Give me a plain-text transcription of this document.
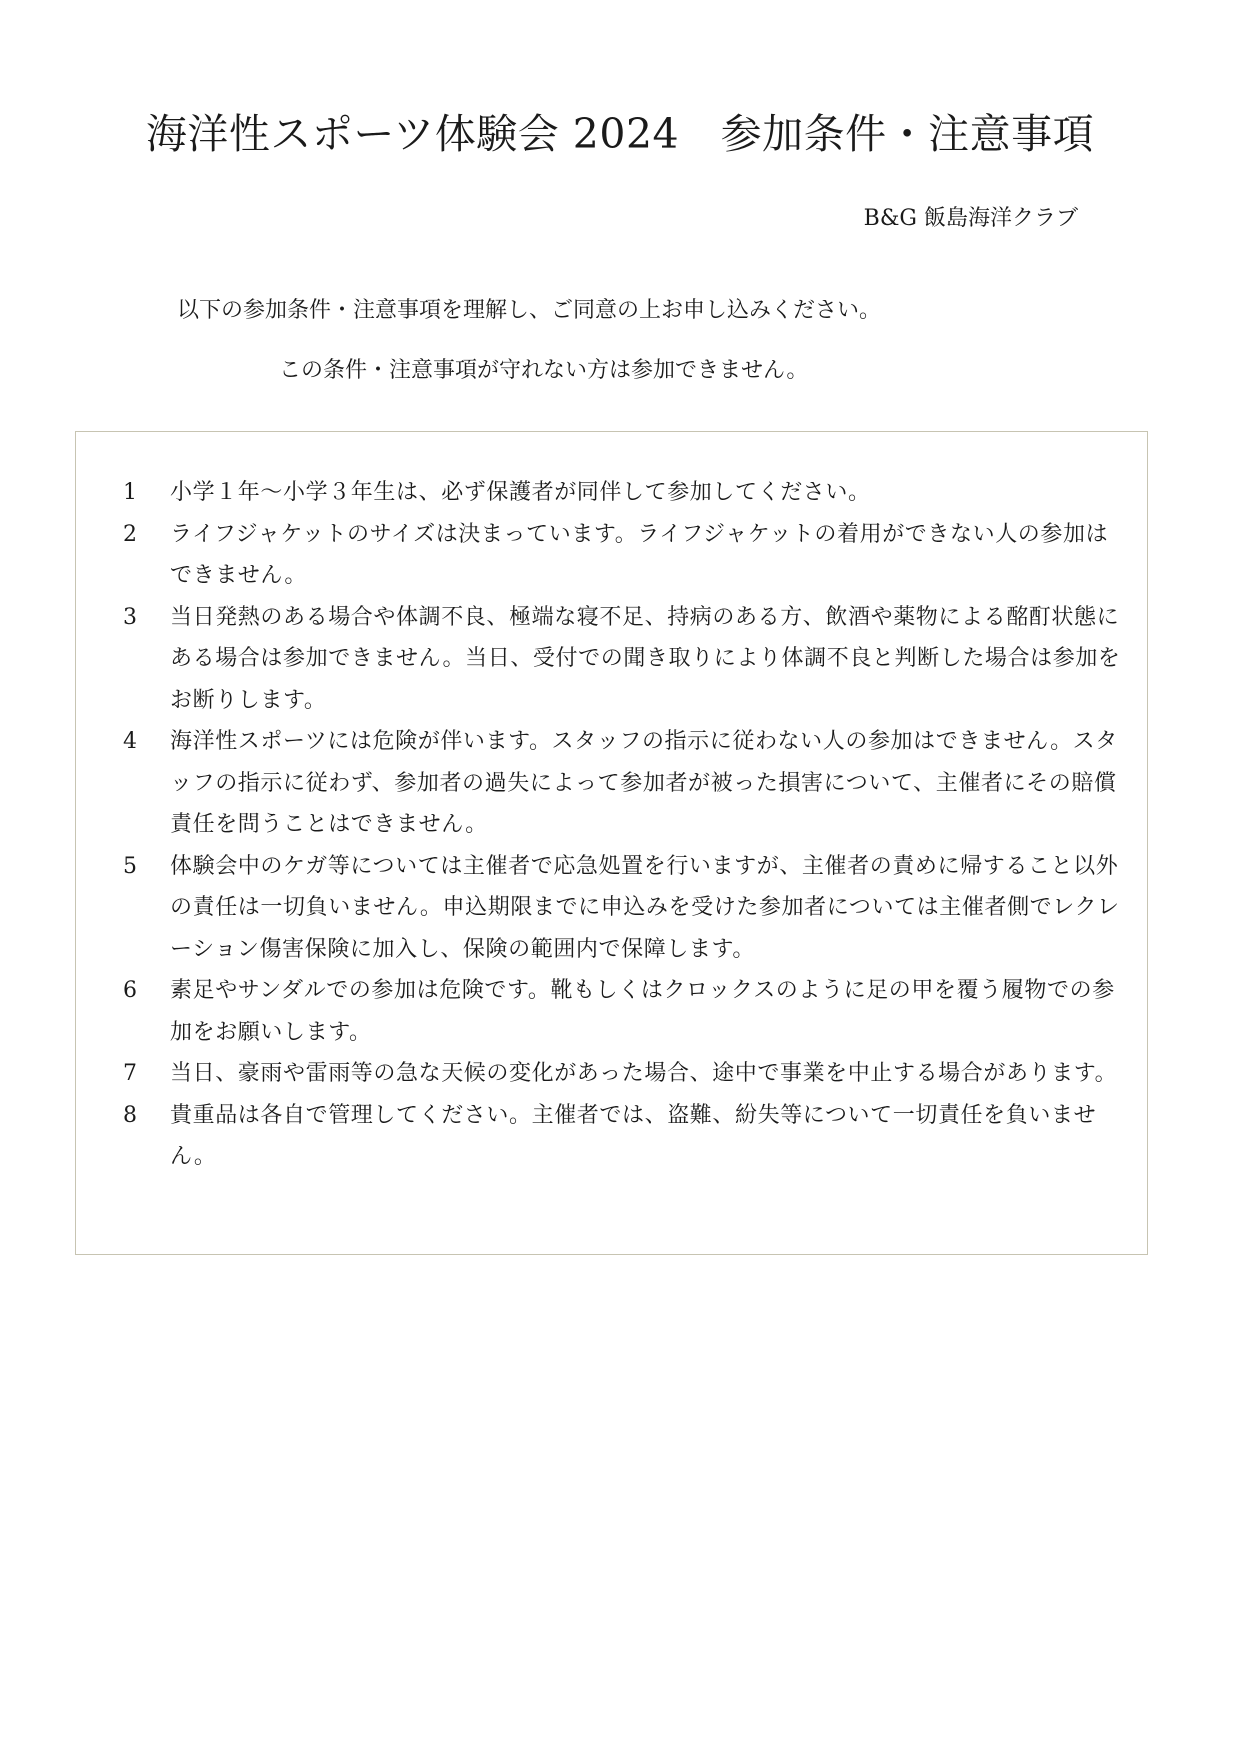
海洋性スポーツ体験会 2024　参加条件・注意事項
B&G 飯島海洋クラブ
以下の参加条件・注意事項を理解し、ご同意の上お申し込みください。
この条件・注意事項が守れない方は参加できません。
1	小学１年～小学３年生は、必ず保護者が同伴して参加してください。
2	ライフジャケットのサイズは決まっています。ライフジャケットの着用ができない人の参加はできません。
3	当日発熱のある場合や体調不良、極端な寝不足、持病のある方、飲酒や薬物による酩酊状態にある場合は参加できません。当日、受付での聞き取りにより体調不良と判断した場合は参加をお断りします。
4	海洋性スポーツには危険が伴います。スタッフの指示に従わない人の参加はできません。スタッフの指示に従わず、参加者の過失によって参加者が被った損害について、主催者にその賠償責任を問うことはできません。
5	体験会中のケガ等については主催者で応急処置を行いますが、主催者の責めに帰すること以外の責任は一切負いません。申込期限までに申込みを受けた参加者については主催者側でレクレーション傷害保険に加入し、保険の範囲内で保障します。
6	素足やサンダルでの参加は危険です。靴もしくはクロックスのように足の甲を覆う履物での参加をお願いします。
7	当日、豪雨や雷雨等の急な天候の変化があった場合、途中で事業を中止する場合があります。
8	貴重品は各自で管理してください。主催者では、盗難、紛失等について一切責任を負いません。
